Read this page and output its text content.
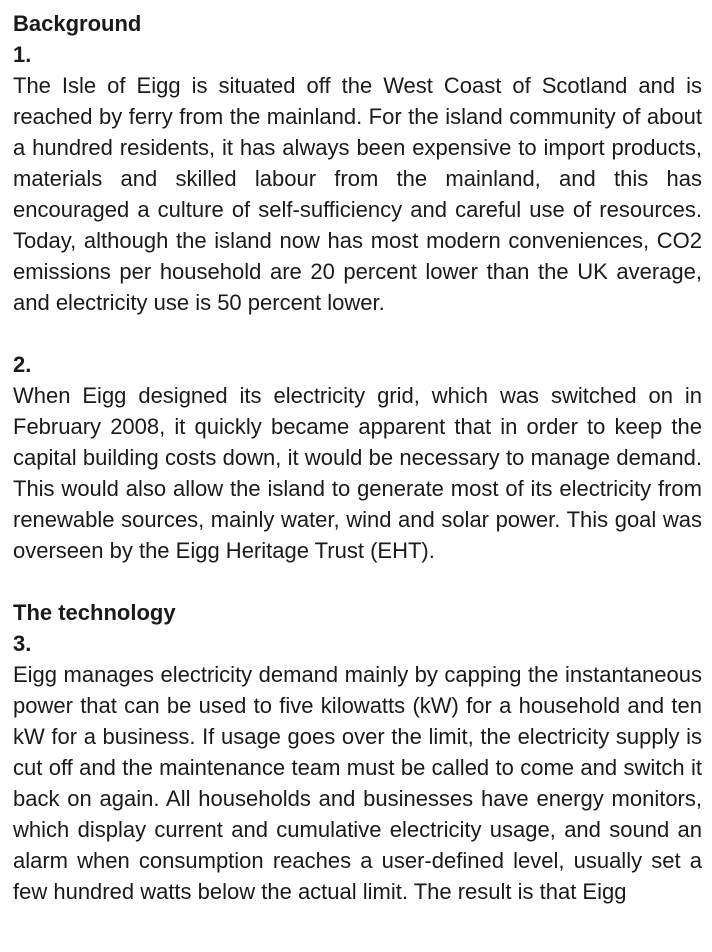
Background
1.

The Isle of Eigg is situated off the West Coast of Scotland and is reached by ferry from the mainland. For the island community of about a hundred residents, it has always been expensive to import products, materials and skilled labour from the mainland, and this has encouraged a culture of self-sufficiency and careful use of resources. Today, although the island now has most modern conveniences, CO2 emissions per household are 20 percent lower than the UK average, and electricity use is 50 percent lower.

2.

When Eigg designed its electricity grid, which was switched on in February 2008, it quickly became apparent that in order to keep the capital building costs down, it would be necessary to manage demand. This would also allow the island to generate most of its electricity from renewable sources, mainly water, wind and solar power. This goal was overseen by the Eigg Heritage Trust (EHT).

The technology
3.

Eigg manages electricity demand mainly by capping the instantaneous power that can be used to five kilowatts (kW) for a household and ten kW for a business. If usage goes over the limit, the electricity supply is cut off and the maintenance team must be called to come and switch it back on again. All households and businesses have energy monitors, which display current and cumulative electricity usage, and sound an alarm when consumption reaches a user-defined level, usually set a few hundred watts below the actual limit. The result is that Eigg
